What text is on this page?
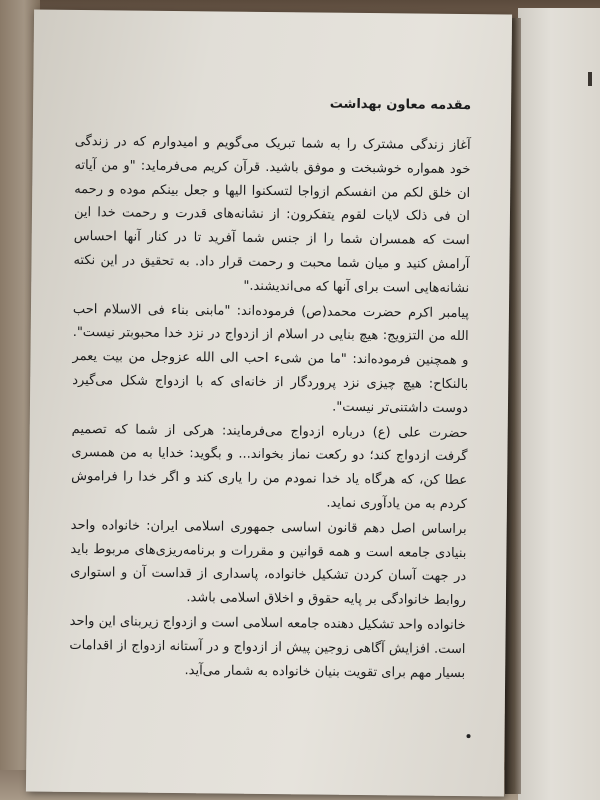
مقدمه معاون بهداشت

آغاز زندگی مشترک را به شما تبریک می‌گویم و امیدوارم که در زندگی خود همواره خوشبخت و موفق باشید. قرآن کریم می‌فرماید: "و من آیاته ان خلق لکم من انفسکم ازواجا لتسکنوا الیها و جعل بینکم موده و رحمه ان فی ذلک لایات لقوم یتفکرون: از نشانه‌های قدرت و رحمت خدا این است که همسران شما را از جنس شما آفرید تا در کنار آنها احساس آرامش کنید و میان شما محبت و رحمت قرار داد. به تحقیق در این نکته نشانه‌هایی است برای آنها که می‌اندیشند."

پیامبر اکرم حضرت محمد(ص) فرموده‌اند: "مابنی بناء فی الاسلام احب الله من التزویج: هیچ بنایی در اسلام از ازدواج در نزد خدا محبوبتر نیست". و همچنین فرموده‌اند: "ما من شیء احب الی الله عزوجل من بیت یعمر بالنکاح: هیچ چیزی نزد پروردگار از خانه‌ای که با ازدواج شکل می‌گیرد دوست داشتنی‌تر نیست".

حضرت علی (ع) درباره ازدواج می‌فرمایند: هرکی از شما که تصمیم گرفت ازدواج کند؛ دو رکعت نماز بخواند... و بگوید: خدایا به من همسری عطا کن، که هرگاه یاد خدا نمودم من را یاری کند و اگر خدا را فراموش کردم به من یادآوری نماید.

براساس اصل دهم قانون اساسی جمهوری اسلامی ایران: خانواده واحد بنیادی جامعه است و همه قوانین و مقررات و برنامه‌ریزی‌های مربوط باید در جهت آسان کردن تشکیل خانواده، پاسداری از قداست آن و استواری روابط خانوادگی بر پایه حقوق و اخلاق اسلامی باشد.

خانواده واحد تشکیل دهنده جامعه اسلامی است و ازدواج زیربنای این واحد است. افزایش آگاهی زوجین پیش از ازدواج و در آستانه ازدواج از اقدامات بسیار مهم برای تقویت بنیان خانواده به شمار می‌آید.
